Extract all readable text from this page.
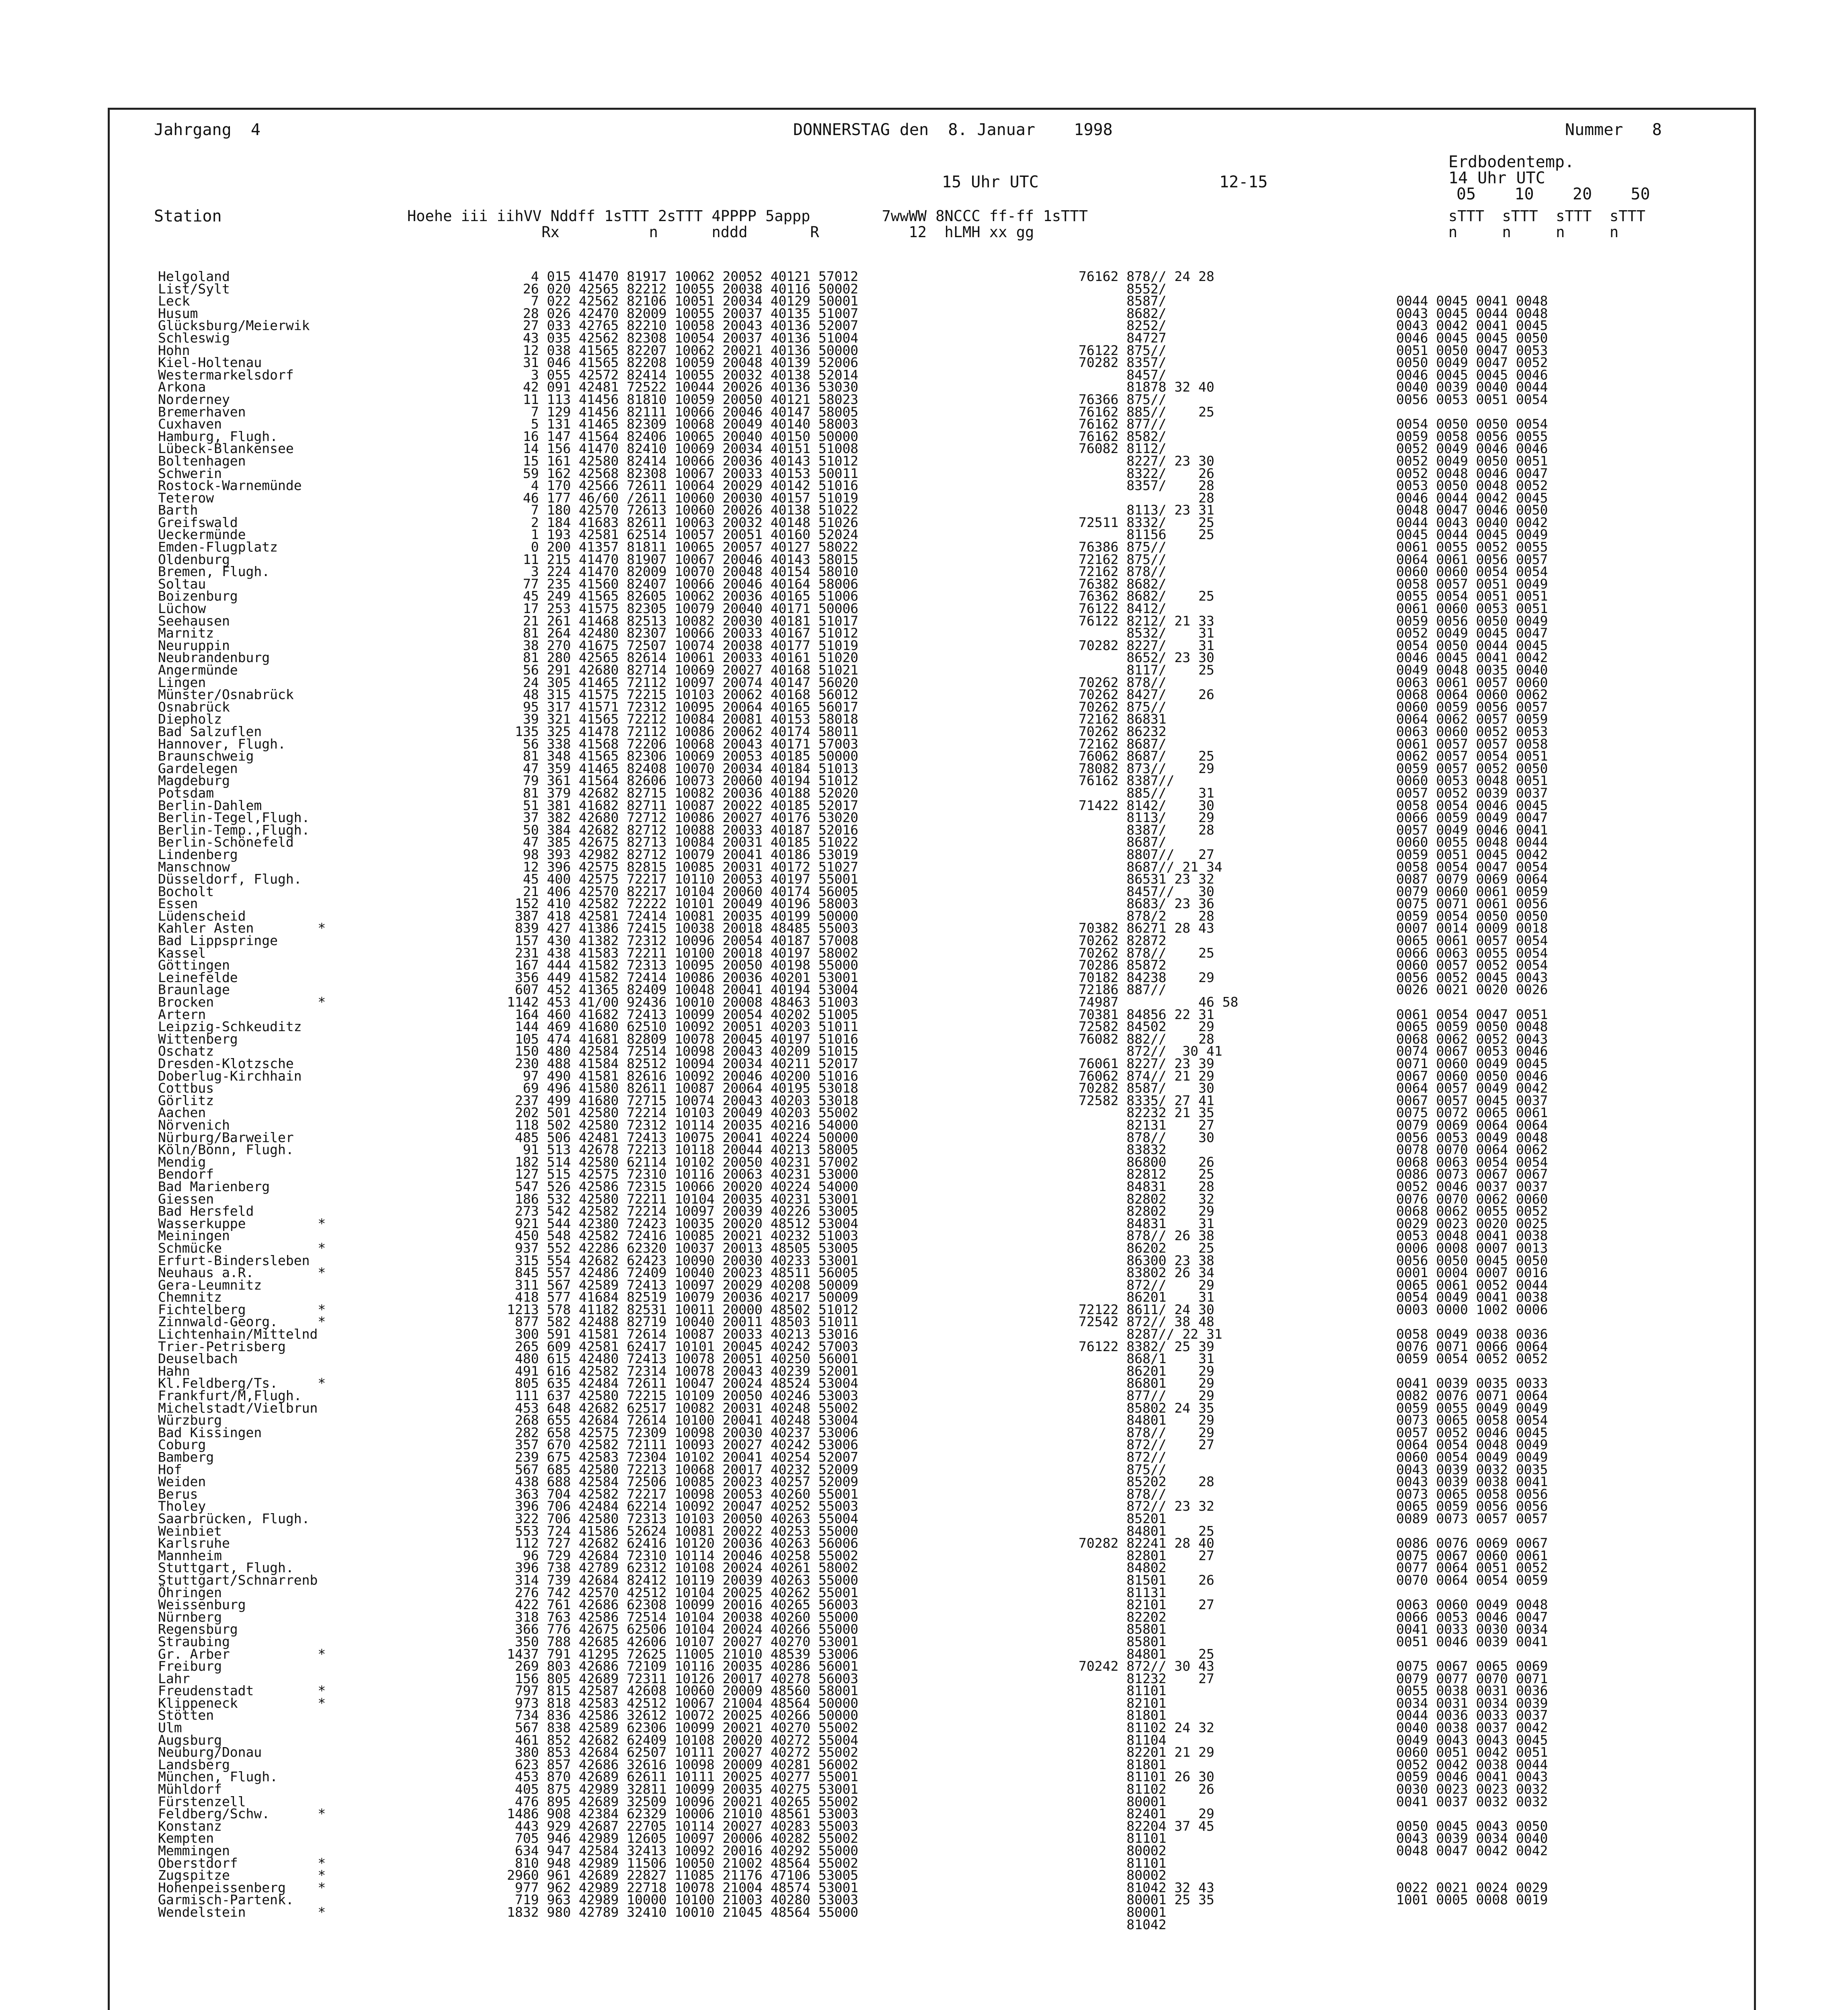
Jahrgang  4	DONNERSTAG den  8. Januar    1998	Nummer   8
Erdbodentemp.
14 Uhr UTC
15 Uhr UTC	12-15
05    10    20    50
Station	Hoehe iii iihVV Nddff 1sTTT 2sTTT 4PPPP 5appp        7wwWW 8NCCC ff-ff 1sTTT
Rx          n      nddd       R          12  hLMH xx gg
sTTT  sTTT  sTTT  sTTT
n     n     n     n
Helgoland	4 015 41470 81917 10062 20052 40121 57012	76162 878// 24 28
List/Sylt	26 020 42565 82212 10055 20038 40116 50002	8552/
Leck	7 022 42562 82106 10051 20034 40129 50001	8587/	0044 0045 0041 0048
Husum	28 026 42470 82009 10055 20037 40135 51007	8682/	0043 0045 0044 0048
Glücksburg/Meierwik	27 033 42765 82210 10058 20043 40136 52007	8252/	0043 0042 0041 0045
Schleswig	43 035 42562 82308 10054 20037 40136 51004	84727	0046 0045 0045 0050
Hohn	12 038 41565 82207 10062 20021 40136 50000	76122 875//	0051 0050 0047 0053
Kiel-Holtenau	31 046 41565 82208 10059 20048 40139 52006	70282 8357/	0050 0049 0047 0052
Westermarkelsdorf	3 055 42572 82414 10055 20032 40138 52014	8457/	0046 0045 0045 0046
Arkona	42 091 42481 72522 10044 20026 40136 53030	81878 32 40	0040 0039 0040 0044
Norderney	11 113 41456 81810 10059 20050 40121 58023	76366 875//	0056 0053 0051 0054
Bremerhaven	7 129 41456 82111 10066 20046 40147 58005	76162 885//    25
Cuxhaven	5 131 41465 82309 10068 20049 40140 58003	76162 877//	0054 0050 0050 0054
Hamburg, Flugh.	16 147 41564 82406 10065 20040 40150 50000	76162 8582/	0059 0058 0056 0055
Lübeck-Blankensee	14 156 41470 82410 10069 20034 40151 51008	76082 8112/	0052 0049 0046 0046
Boltenhagen	15 161 42580 82414 10066 20036 40143 51012	8227/ 23 30	0052 0049 0050 0051
Schwerin	59 162 42568 82308 10067 20033 40153 50011	8322/    26	0052 0048 0046 0047
Rostock-Warnemünde	4 170 42566 72611 10064 20029 40142 51016	8357/    28	0053 0050 0048 0052
Teterow	46 177 46/60 /2611 10060 20030 40157 51019	28	0046 0044 0042 0045
Barth	7 180 42570 72613 10060 20026 40138 51022	8113/ 23 31	0048 0047 0046 0050
Greifswald	2 184 41683 82611 10063 20032 40148 51026	72511 8332/    25	0044 0043 0040 0042
Ueckermünde	1 193 42581 62514 10057 20051 40160 52024	81156    25	0045 0044 0045 0049
Emden-Flugplatz	0 200 41357 81811 10065 20057 40127 58022	76386 875//	0061 0055 0052 0055
Oldenburg	11 215 41470 81907 10067 20046 40143 58015	72162 875//	0064 0061 0056 0057
Bremen, Flugh.	3 224 41470 82009 10070 20048 40154 58010	72162 878//	0060 0060 0054 0054
Soltau	77 235 41560 82407 10066 20046 40164 58006	76382 8682/	0058 0057 0051 0049
Boizenburg	45 249 41565 82605 10062 20036 40165 51006	76362 8682/    25	0055 0054 0051 0051
Lüchow	17 253 41575 82305 10079 20040 40171 50006	76122 8412/	0061 0060 0053 0051
Seehausen	21 261 41468 82513 10082 20030 40181 51017	76122 8212/ 21 33	0059 0056 0050 0049
Marnitz	81 264 42480 82307 10066 20033 40167 51012	8532/    31	0052 0049 0045 0047
Neuruppin	38 270 41675 72507 10074 20038 40177 51019	70282 8227/    31	0054 0050 0044 0045
Neubrandenburg	81 280 42565 82614 10061 20033 40161 51020	8652/ 23 30	0046 0045 0041 0042
Angermünde	56 291 42680 82714 10069 20027 40168 51021	8117/    25	0049 0048 0035 0040
Lingen	24 305 41465 72112 10097 20074 40147 56020	70262 878//	0063 0061 0057 0060
Münster/Osnabrück	48 315 41575 72215 10103 20062 40168 56012	70262 8427/    26	0068 0064 0060 0062
Osnabrück	95 317 41571 72312 10095 20064 40165 56017	70262 875//	0060 0059 0056 0057
Diepholz	39 321 41565 72212 10084 20081 40153 58018	72162 86831	0064 0062 0057 0059
Bad Salzuflen	135 325 41478 72112 10086 20062 40174 58011	70262 86232	0063 0060 0052 0053
Hannover, Flugh.	56 338 41568 72206 10068 20043 40171 57003	72162 8687/	0061 0057 0057 0058
Braunschweig	81 348 41565 82306 10069 20053 40185 50000	76062 8687/    25	0062 0057 0054 0051
Gardelegen	47 359 41465 82408 10070 20034 40184 51013	78082 873//    29	0059 0057 0052 0050
Magdeburg	79 361 41564 82606 10073 20060 40194 51012	76162 8387//	0060 0053 0048 0051
Potsdam	81 379 42682 82715 10082 20036 40188 52020	885//    31	0057 0052 0039 0037
Berlin-Dahlem	51 381 41682 82711 10087 20022 40185 52017	71422 8142/    30	0058 0054 0046 0045
Berlin-Tegel,Flugh.	37 382 42680 72712 10086 20027 40176 53020	8113/    29	0066 0059 0049 0047
Berlin-Temp.,Flugh.	50 384 42682 82712 10088 20033 40187 52016	8387/    28	0057 0049 0046 0041
Berlin-Schönefeld	47 385 42675 82713 10084 20031 40185 51022	8687/	0060 0055 0048 0044
Lindenberg	98 393 42982 82712 10079 20041 40186 53019	8807//   27	0059 0051 0045 0042
Manschnow	12 396 42575 82815 10085 20031 40172 51027	8687// 21 34	0058 0054 0047 0054
Düsseldorf, Flugh.	45 400 42575 72217 10110 20053 40197 55001	86531 23 32	0087 0079 0069 0064
Bocholt	21 406 42570 82217 10104 20060 40174 56005	8457//   30	0079 0060 0061 0059
Essen	152 410 42582 72222 10101 20049 40196 58003	8683/ 23 36	0075 0071 0061 0056
Lüdenscheid	387 418 42581 72414 10081 20035 40199 50000	878/2    28	0059 0054 0050 0050
Kahler Asten        *	839 427 41386 72415 10038 20018 48485 55003	70382 86271 28 43	0007 0014 0009 0018
Bad Lippspringe	157 430 41382 72312 10096 20054 40187 57008	70262 82872	0065 0061 0057 0054
Kassel	231 438 41583 72211 10100 20018 40197 58002	70262 878//    25	0066 0063 0055 0054
Göttingen	167 444 41582 72313 10095 20050 40198 55000	70286 85872	0060 0057 0052 0054
Leinefelde	356 449 41582 72414 10086 20036 40201 53001	70182 84238    29	0056 0052 0045 0043
Braunlage	607 452 41365 82409 10048 20041 40194 53004	72186 887//	0026 0021 0020 0026
Brocken             *	1142 453 41/00 92436 10010 20008 48463 51003	74987          46 58
Artern	164 460 41682 72413 10099 20054 40202 51005	70381 84856 22 31	0061 0054 0047 0051
Leipzig-Schkeuditz	144 469 41680 62510 10092 20051 40203 51011	72582 84502    29	0065 0059 0050 0048
Wittenberg	105 474 41681 82809 10078 20045 40197 51016	76082 882//    28	0068 0062 0052 0043
Oschatz	150 480 42584 72514 10098 20043 40209 51015	872//  30 41	0074 0067 0053 0046
Dresden-Klotzsche	230 488 41584 82512 10094 20034 40211 52017	76061 8227/ 23 39	0071 0060 0049 0045
Doberlug-Kirchhain	97 490 41581 82616 10092 20046 40200 51016	76062 874// 21 29	0067 0060 0050 0046
Cottbus	69 496 41580 82611 10087 20064 40195 53018	70282 8587/    30	0064 0057 0049 0042
Görlitz	237 499 41680 72715 10074 20043 40203 53018	72582 8335/ 27 41	0067 0057 0045 0037
Aachen	202 501 42580 72214 10103 20049 40203 55002	82232 21 35	0075 0072 0065 0061
Nörvenich	118 502 42580 72312 10114 20035 40216 54000	82131    27	0079 0069 0064 0064
Nürburg/Barweiler	485 506 42481 72413 10075 20041 40224 50000	878//    30	0056 0053 0049 0048
Köln/Bonn, Flugh.	91 513 42678 72213 10118 20044 40213 58005	83832	0078 0070 0064 0062
Mendig	182 514 42580 62114 10102 20050 40231 57002	86800    26	0068 0063 0054 0054
Bendorf	127 515 42575 72310 10116 20063 40231 53000	82812    25	0086 0073 0067 0067
Bad Marienberg	547 526 42586 72315 10066 20020 40224 54000	84831    28	0052 0046 0037 0037
Giessen	186 532 42580 72211 10104 20035 40231 53001	82802    32	0076 0070 0062 0060
Bad Hersfeld	273 542 42582 72214 10097 20039 40226 53005	82802    29	0068 0062 0055 0052
Wasserkuppe         *	921 544 42380 72423 10035 20020 48512 53004	84831    31	0029 0023 0020 0025
Meiningen	450 548 42582 72416 10085 20021 40232 51003	878// 26 38	0053 0048 0041 0038
Schmücke            *	937 552 42286 62320 10037 20013 48505 53005	86202    25	0006 0008 0007 0013
Erfurt-Bindersleben	315 554 42682 62423 10090 20030 40233 53001	86300 23 38	0056 0050 0045 0050
Neuhaus a.R.        *	845 557 42486 72409 10040 20023 48511 56005	83802 26 34	0001 0004 0007 0016
Gera-Leumnitz	311 567 42589 72413 10097 20029 40208 50009	872//    29	0065 0061 0052 0044
Chemnitz	418 577 41684 82519 10079 20036 40217 50009	86201    31	0054 0049 0041 0038
Fichtelberg         *	1213 578 41182 82531 10011 20000 48502 51012	72122 8611/ 24 30	0003 0000 1002 0006
Zinnwald-Georg.     *	877 582 42488 82719 10040 20011 48503 51011	72542 872// 38 48
Lichtenhain/Mittelnd	300 591 41581 72614 10087 20033 40213 53016	8287// 22 31	0058 0049 0038 0036
Trier-Petrisberg	265 609 42581 62417 10101 20045 40242 57003	76122 8382/ 25 39	0076 0071 0066 0064
Deuselbach	480 615 42480 72413 10078 20051 40250 56001	868/1    31	0059 0054 0052 0052
Hahn	491 616 42582 72314 10078 20043 40239 52001	86201    29
Kl.Feldberg/Ts.     *	805 635 42484 72611 10047 20024 48524 53004	86801    29	0041 0039 0035 0033
Frankfurt/M,Flugh.	111 637 42580 72215 10109 20050 40246 53003	877//    29	0082 0076 0071 0064
Michelstadt/Vielbrun	453 648 42682 62517 10082 20031 40248 55002	85802 24 35	0059 0055 0049 0049
Würzburg	268 655 42684 72614 10100 20041 40248 53004	84801    29	0073 0065 0058 0054
Bad Kissingen	282 658 42575 72309 10098 20030 40237 53006	878//    29	0057 0052 0046 0045
Coburg	357 670 42582 72111 10093 20027 40242 53006	872//    27	0064 0054 0048 0049
Bamberg	239 675 42583 72304 10102 20041 40254 52007	872//	0060 0054 0049 0049
Hof	567 685 42580 72213 10068 20017 40232 52009	875//	0043 0039 0032 0035
Weiden	438 688 42584 72506 10085 20023 40257 52009	85202    28	0043 0039 0038 0041
Berus	363 704 42582 72217 10098 20053 40260 55001	878//	0073 0065 0058 0056
Tholey	396 706 42484 62214 10092 20047 40252 55003	872// 23 32	0065 0059 0056 0056
Saarbrücken, Flugh.	322 706 42580 72313 10103 20050 40263 55004	85201	0089 0073 0057 0057
Weinbiet	553 724 41586 52624 10081 20022 40253 55000	84801    25
Karlsruhe	112 727 42682 62416 10120 20036 40263 56006	70282 82241 28 40	0086 0076 0069 0067
Mannheim	96 729 42684 72310 10114 20046 40258 55002	82801    27	0075 0067 0060 0061
Stuttgart, Flugh.	396 738 42789 62312 10108 20024 40261 58002	84802	0077 0064 0051 0052
Stuttgart/Schnarrenb	314 739 42684 82412 10119 20039 40263 55000	81501    26	0070 0064 0054 0059
Öhringen	276 742 42570 42512 10104 20025 40262 55001	81131
Weissenburg	422 761 42686 62308 10099 20016 40265 56003	82101    27	0063 0060 0049 0048
Nürnberg	318 763 42586 72514 10104 20038 40260 55000	82202	0066 0053 0046 0047
Regensburg	366 776 42675 62506 10104 20024 40266 55000	85801	0041 0033 0030 0034
Straubing	350 788 42685 42606 10107 20027 40270 53001	85801	0051 0046 0039 0041
Gr. Arber           *	1437 791 41295 72625 11005 21010 48539 53006	84801    25
Freiburg	269 803 42686 72109 10116 20035 40286 56001	70242 872// 30 43	0075 0067 0065 0069
Lahr	156 805 42689 72311 10126 20017 40278 56003	81232    27	0079 0077 0070 0071
Freudenstadt        *	797 815 42587 42608 10060 20009 48560 58001	81101	0055 0038 0031 0036
Klippeneck          *	973 818 42583 42512 10067 21004 48564 50000	82101	0034 0031 0034 0039
Stötten	734 836 42586 32612 10072 20025 40266 50000	81801	0044 0036 0033 0037
Ulm	567 838 42589 62306 10099 20021 40270 55002	81102 24 32	0040 0038 0037 0042
Augsburg	461 852 42682 62409 10108 20020 40272 55004	81104	0049 0043 0043 0045
Neuburg/Donau	380 853 42684 62507 10111 20027 40272 55002	82201 21 29	0060 0051 0042 0051
Landsberg	623 857 42686 32616 10098 20009 40281 56002	81801	0052 0042 0038 0044
München, Flugh.	453 870 42689 62611 10111 20025 40277 55001	81101 26 30	0059 0046 0041 0043
Mühldorf	405 875 42989 32811 10099 20035 40275 53001	81102    26	0030 0023 0023 0032
Fürstenzell	476 895 42689 32509 10096 20021 40265 55002	80001	0041 0037 0032 0032
Feldberg/Schw.      *	1486 908 42384 62329 10006 21010 48561 53003	82401    29
Konstanz	443 929 42687 22705 10114 20027 40283 55003	82204 37 45	0050 0045 0043 0050
Kempten	705 946 42989 12605 10097 20006 40282 55002	81101	0043 0039 0034 0040
Memmingen	634 947 42584 32413 10092 20016 40292 55000	80002	0048 0047 0042 0042
Oberstdorf          *	810 948 42989 11506 10050 21002 48564 55002	81101
Zugspitze           *	2960 961 42689 22827 11085 21176 47106 53005	80002
Hohenpeissenberg    *	977 962 42989 22718 10078 21004 48574 53001	81042 32 43	0022 0021 0024 0029
Garmisch-Partenk.	719 963 42989 10000 10100 21003 40280 53003	80001 25 35	1001 0005 0008 0019
Wendelstein         *	1832 980 42789 32410 10010 21045 48564 55000	80001
81042
